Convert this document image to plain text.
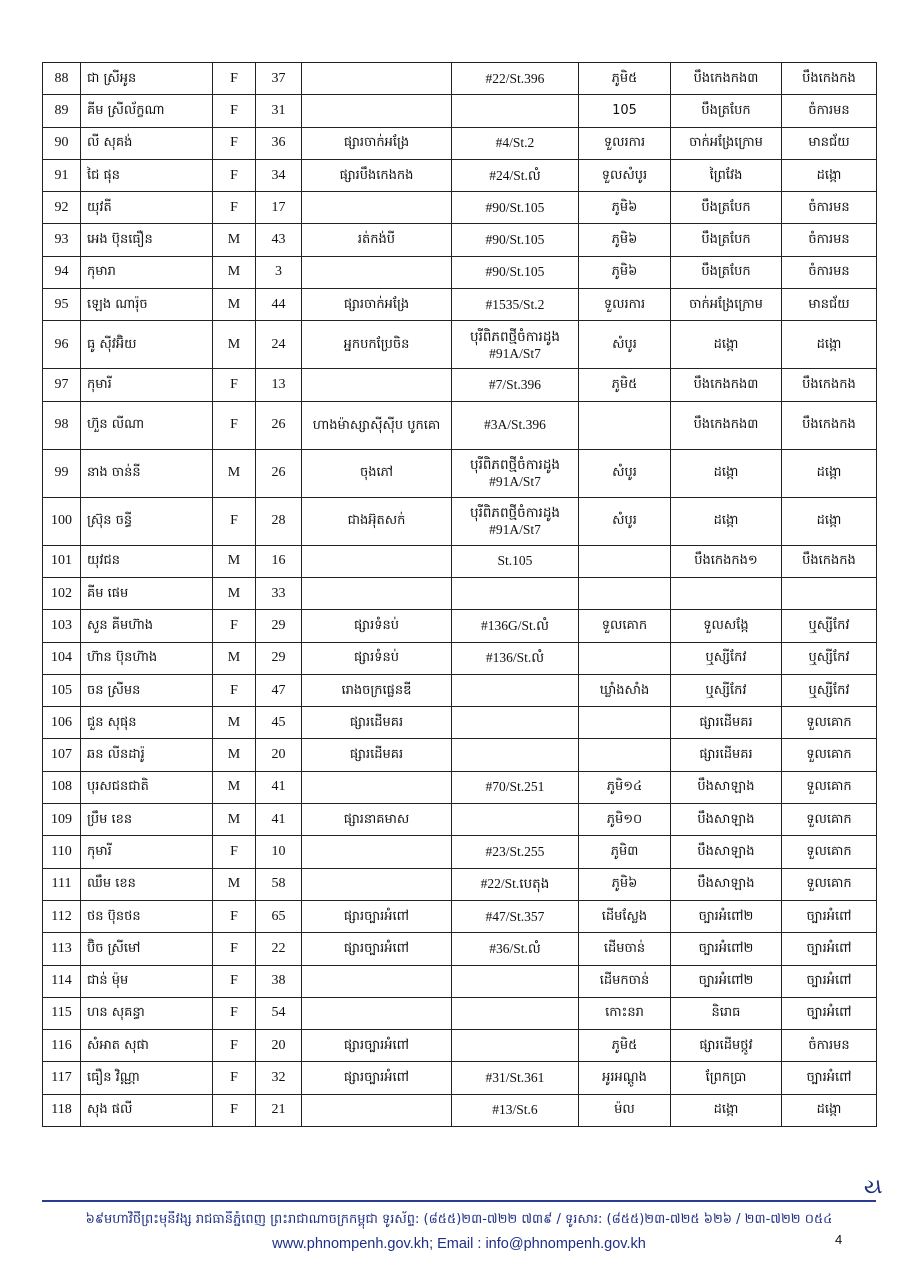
88	ជា ស្រីអូន	F	37		#22/St.396	ភូមិ៥	បឹងកេងកង៣	បឹងកេងកង
89	គីម ស្រីល័ក្ខណា	F	31			105	បឹងត្របែក	ចំការមន
90	លី សុគង់	F	36	ផ្សារចាក់អង្រែ	#4/St.2	ទួលរការ	ចាក់អង្រែក្រោម	មានជ័យ
91	ជៃ ផុន	F	34	ផ្សារបឹងកេងកង	#24/St.លំ	ទួលសំបូរ	ព្រៃវែង	ដង្កោ
92	យុវតី	F	17		#90/St.105	ភូមិ៦	បឹងត្របែក	ចំការមន
93	អេង ប៊ុនធឿន	M	43	រត់កង់បី	#90/St.105	ភូមិ៦	បឹងត្របែក	ចំការមន
94	កុមារា	M	3		#90/St.105	ភូមិ៦	បឹងត្របែក	ចំការមន
95	ឡេង ណារ៉ុច	M	44	ផ្សារចាក់អង្រែ	#1535/St.2	ទួលរការ	ចាក់អង្រែក្រោម	មានជ័យ
96	ធូ ស៊ីវអ៊ិយ	M	24	អ្នកបកប្រែចិន	បុរីពិភពថ្មីចំការដូង #91A/St7	សំបូរ	ដង្កោ	ដង្កោ
97	កុមារី	F	13		#7/St.396	ភូមិ៥	បឹងកេងកង៣	បឹងកេងកង
98	ហ៊ួន លីណា	F	26	ហាងម៉ាស្សាស៊ីស៊ីប បូកគោ	#3A/St.396		បឹងកេងកង៣	បឹងកេងកង
99	នាង ចាន់នី	M	26	ចុងភៅ	បុរីពិភពថ្មីចំការដូង #91A/St7	សំបូរ	ដង្កោ	ដង្កោ
100	ស៊្រុន ចន្ធី	F	28	ជាងអ៊ុតសក់	បុរីពិភពថ្មីចំការដូង #91A/St7	សំបូរ	ដង្កោ	ដង្កោ
101	យុវជន	M	16		St.105		បឹងកេងកង១	បឹងកេងកង
102	គីម ផេម	M	33					
103	សួន គីមហ៊ាង	F	29	ផ្សារទំនប់	#136G/St.លំ	ទួលគោក	ទួលសង្កែ	ឬស្សីកែវ
104	ហ៊ាន ប៊ុនហ៊ាង	M	29	ផ្សារទំនប់	#136/St.លំ		ឬស្សីកែវ	ឬស្សីកែវ
105	ចន ស្រីមន	F	47	រោងចក្រផ្លេនឌី		ឃ្លាំងសាំង	ឬស្សីកែវ	ឬស្សីកែវ
106	ជួន សុផុន	M	45	ផ្សារដើមគរ			ផ្សារដើមគរ	ទួលគោក
107	ឆន លីនដារ៉ូ	M	20	ផ្សារដើមគរ			ផ្សារដើមគរ	ទួលគោក
108	បុរសជនជាតិ	M	41		#70/St.251	ភូមិ១៤	បឹងសាឡាង	ទួលគោក
109	ប្រឹម ខេន	M	41	ផ្សារនាគមាស		ភូមិ១០	បឹងសាឡាង	ទួលគោក
110	កុមារី	F	10		#23/St.255	ភូមិ៣	បឹងសាឡាង	ទួលគោក
111	ឈឹម ខេន	M	58		#22/St.បេតុង	ភូមិ៦	បឹងសាឡាង	ទួលគោក
112	ថន ប៊ុនថន	F	65	ផ្សារច្បារអំពៅ	#47/St.357	ដើមស្លែង	ច្បារអំពៅ២	ច្បារអំពៅ
113	ប៊ិច ស្រីមៅ	F	22	ផ្សារច្បារអំពៅ	#36/St.លំ	ដើមចាន់	ច្បារអំពៅ២	ច្បារអំពៅ
114	ជាន់ ម៉ុម	F	38			ដើមកចាន់	ច្បារអំពៅ២	ច្បារអំពៅ
115	ហន សុគន្ធា	F	54			កោះនរា	និរោធ	ច្បារអំពៅ
116	សំអាត សុផា	F	20	ផ្សារច្បារអំពៅ		ភូមិ៥	ផ្សារដើមថ្កូវ	ចំការមន
117	ធឿន វិណ្ណា	F	32	ផ្សារច្បារអំពៅ	#31/St.361	អូរអណ្តូង	ព្រែកប្រា	ច្បារអំពៅ
118	សុង ផលី	F	21		#13/St.6	ម៉ល	ដង្កោ	ដង្កោ
ય
៦៩មហាវិថីព្រះមុនីវង្ស រាជធានីភ្នំពេញ ព្រះរាជាណាចក្រកម្ពុជា ទូរស័ព្ទ: (៨៥៥)២៣-៧២២ ៧៣៩ / ទូរសារ: (៨៥៥)២៣-៧២៥ ៦២៦ / ២៣-៧២២ ០៥៤
www.phnompenh.gov.kh; Email : info@phnompenh.gov.kh	4
